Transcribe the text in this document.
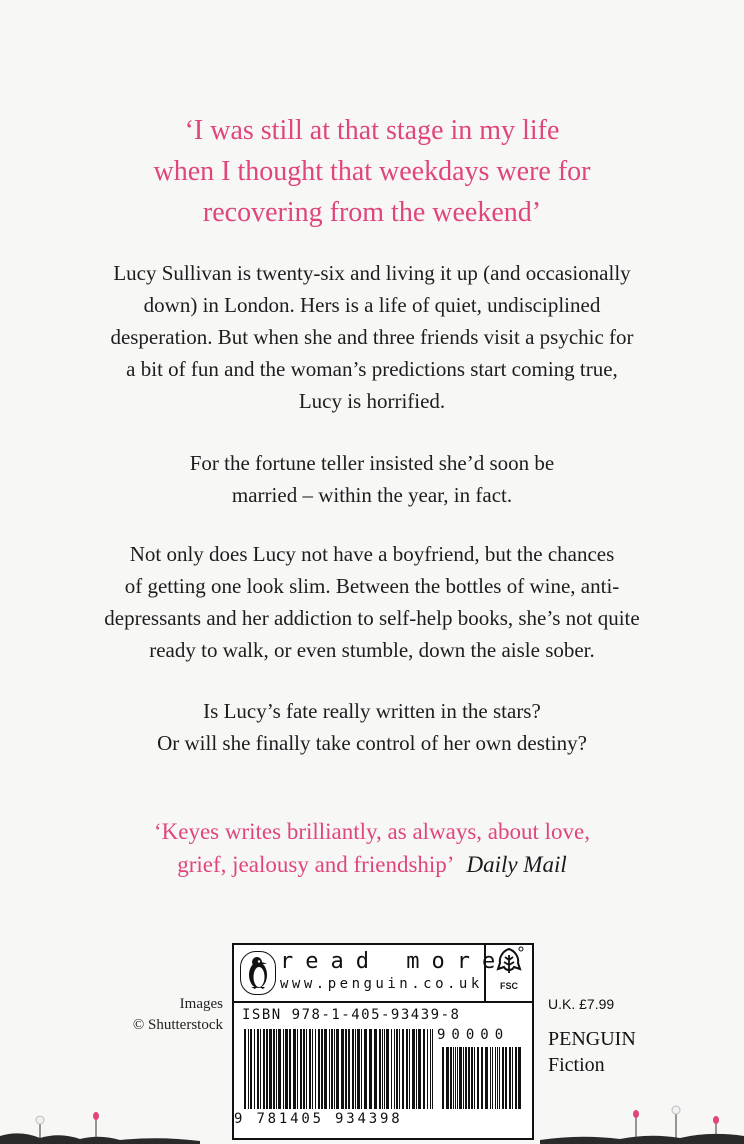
‘I was still at that stage in my life
when I thought that weekdays were for
recovering from the weekend’
Lucy Sullivan is twenty-six and living it up (and occasionally
down) in London. Hers is a life of quiet, undisciplined
desperation. But when she and three friends visit a psychic for
a bit of fun and the woman’s predictions start coming true,
Lucy is horrified.
For the fortune teller insisted she’d soon be
married – within the year, in fact.
Not only does Lucy not have a boyfriend, but the chances
of getting one look slim. Between the bottles of wine, anti-
depressants and her addiction to self-help books, she’s not quite
ready to walk, or even stumble, down the aisle sober.
Is Lucy’s fate really written in the stars?
Or will she finally take control of her own destiny?
‘Keyes writes brilliantly, as always, about love,
grief, jealousy and friendship’ Daily Mail
Images
© Shutterstock
read more
www.penguin.co.uk FSC
ISBN 978-1-405-93439-8
90000
9 781405 934398
U.K. £7.99
PENGUIN
Fiction
